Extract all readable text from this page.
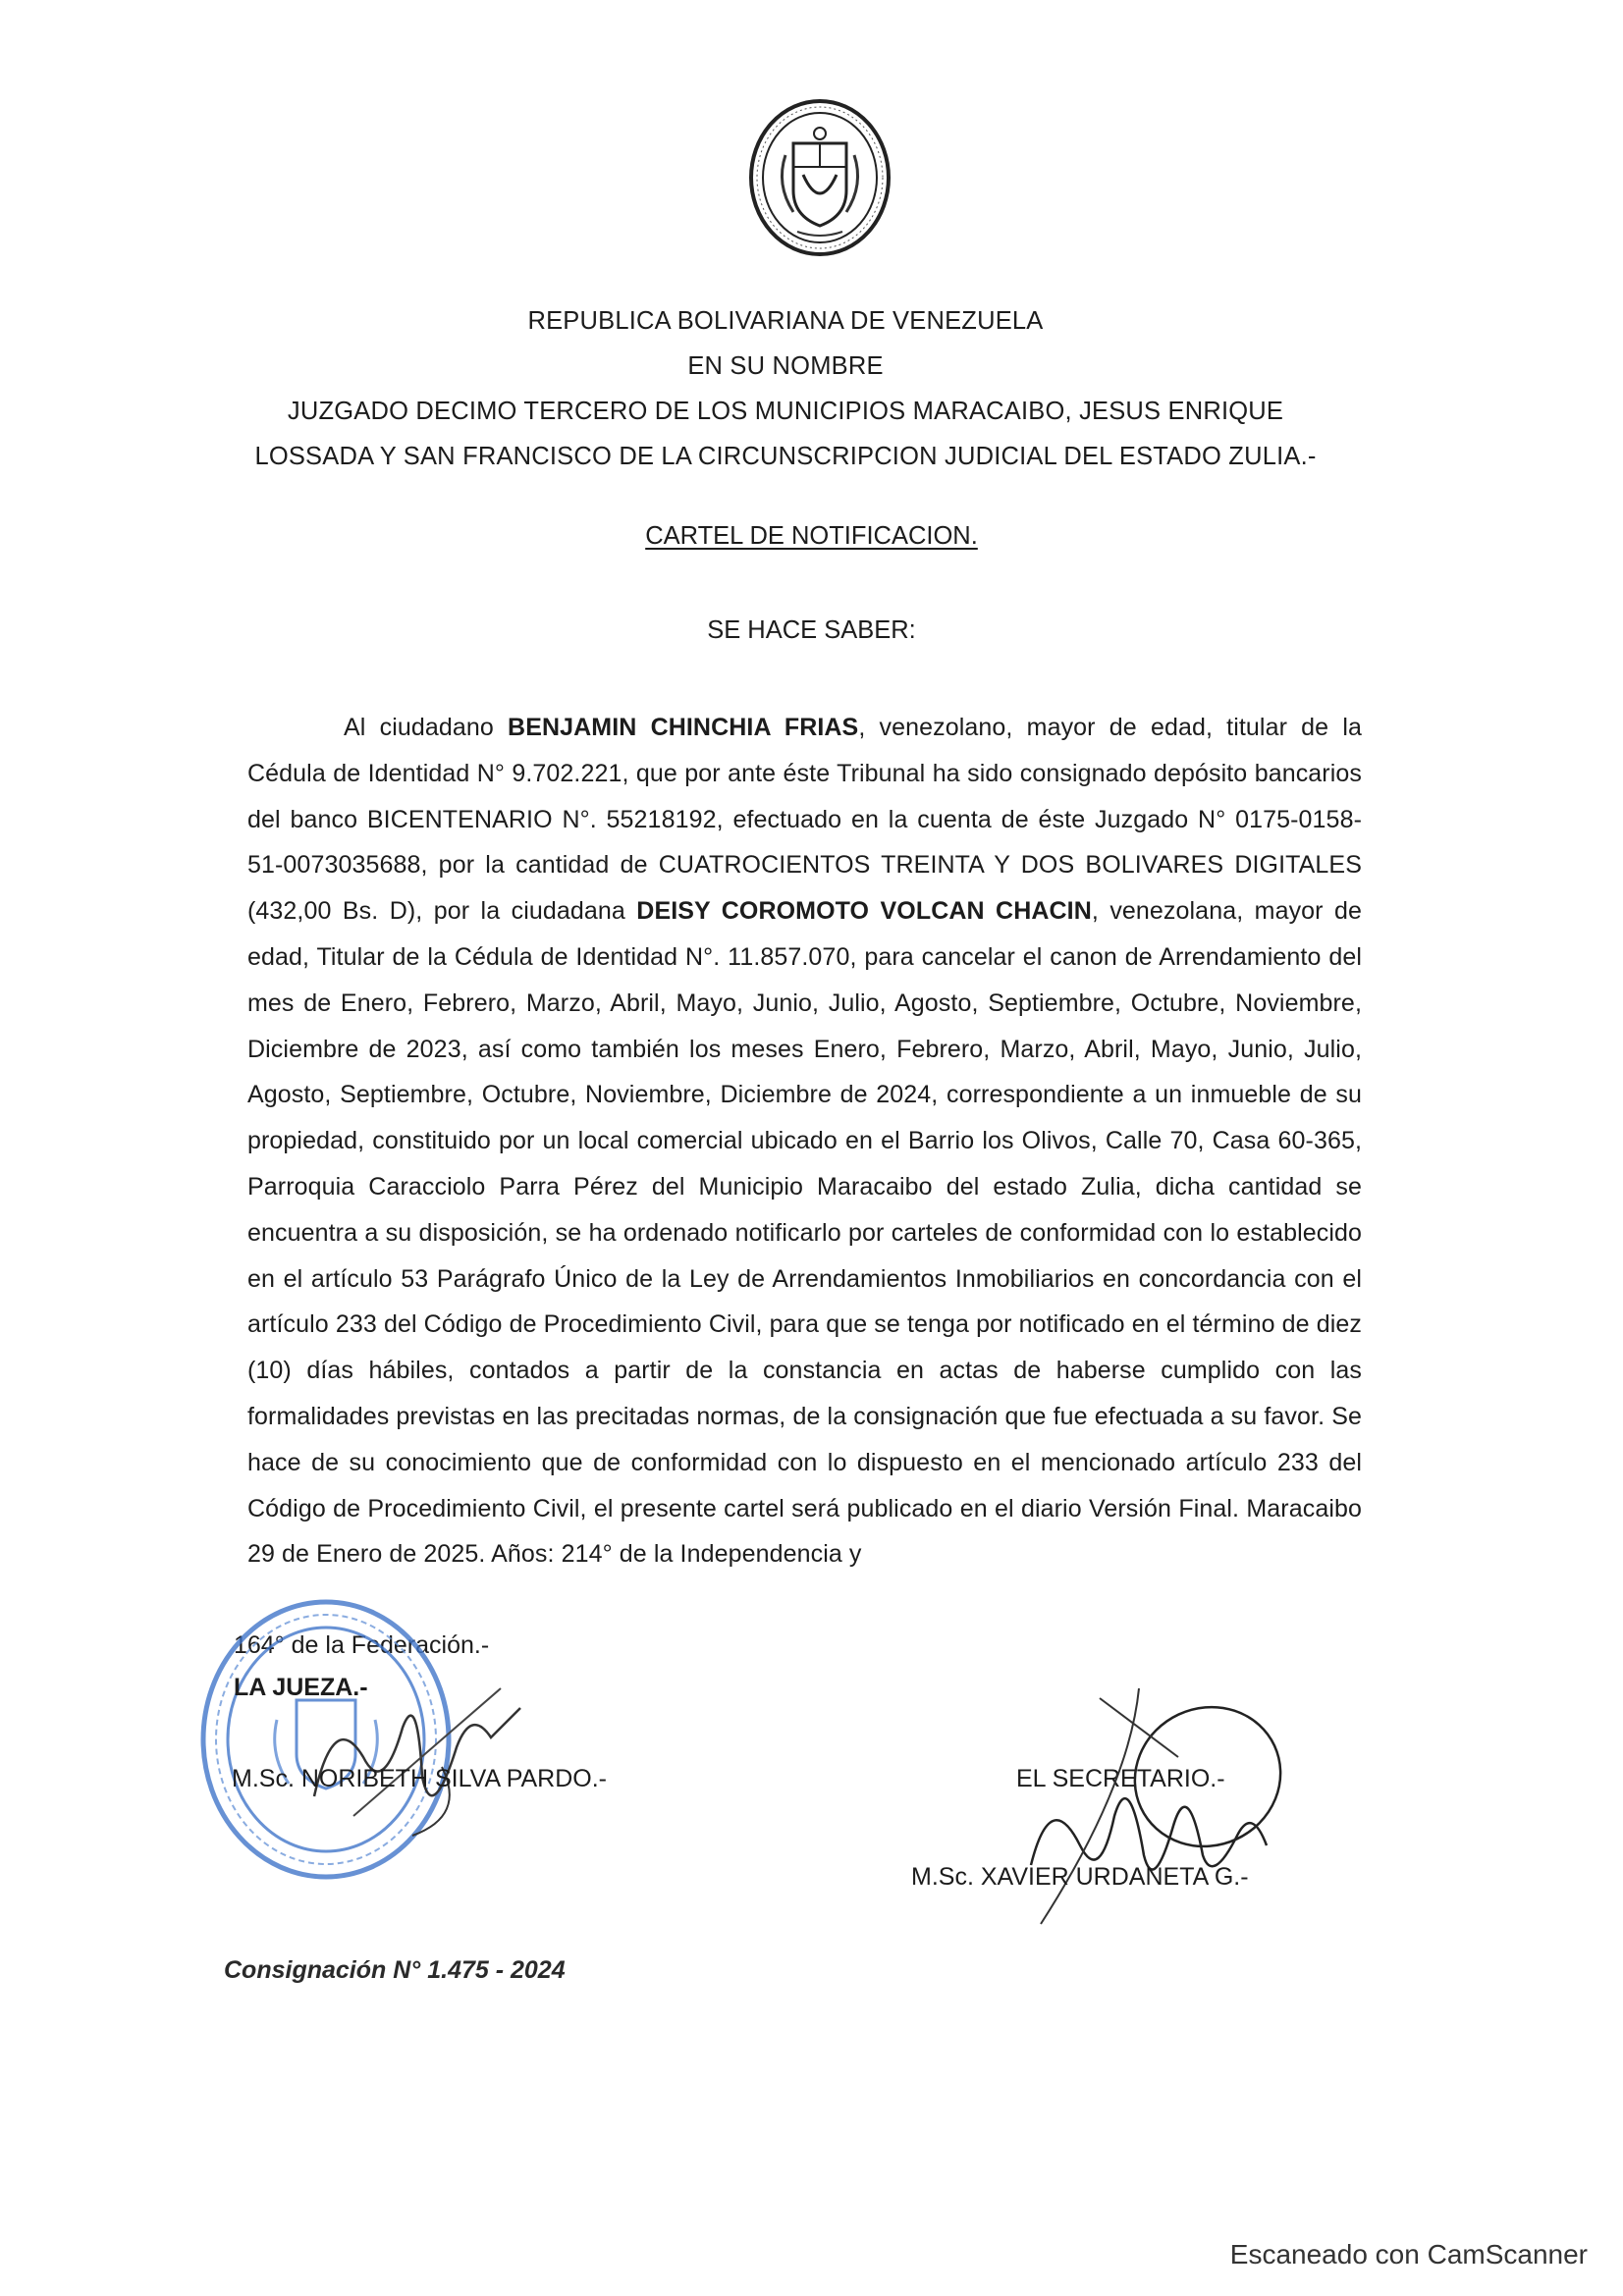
REPUBLICA BOLIVARIANA DE VENEZUELA
EN SU NOMBRE
JUZGADO DECIMO TERCERO DE LOS MUNICIPIOS MARACAIBO, JESUS ENRIQUE
LOSSADA Y SAN FRANCISCO DE LA CIRCUNSCRIPCION JUDICIAL DEL ESTADO ZULIA.-
CARTEL DE NOTIFICACION.
SE HACE SABER:
Al ciudadano BENJAMIN CHINCHIA FRIAS, venezolano, mayor de edad, titular de la Cédula de Identidad N° 9.702.221, que por ante éste Tribunal ha sido consignado depósito bancarios del banco BICENTENARIO N°. 55218192, efectuado en la cuenta de éste Juzgado N° 0175-0158-51-0073035688, por la cantidad de CUATROCIENTOS TREINTA Y DOS BOLIVARES DIGITALES (432,00 Bs. D), por la ciudadana DEISY COROMOTO VOLCAN CHACIN, venezolana, mayor de edad, Titular de la Cédula de Identidad N°. 11.857.070, para cancelar el canon de Arrendamiento del mes de Enero, Febrero, Marzo, Abril, Mayo, Junio, Julio, Agosto, Septiembre, Octubre, Noviembre, Diciembre de 2023, así como también los meses Enero, Febrero, Marzo, Abril, Mayo, Junio, Julio, Agosto, Septiembre, Octubre, Noviembre, Diciembre de 2024, correspondiente a un inmueble de su propiedad, constituido por un local comercial ubicado en el Barrio los Olivos, Calle 70, Casa 60-365, Parroquia Caracciolo Parra Pérez del Municipio Maracaibo del estado Zulia, dicha cantidad se encuentra a su disposición, se ha ordenado notificarlo por carteles de conformidad con lo establecido en el artículo 53 Parágrafo Único de la Ley de Arrendamientos Inmobiliarios en concordancia con el artículo 233 del Código de Procedimiento Civil, para que se tenga por notificado en el término de diez (10) días hábiles, contados a partir de la constancia en actas de haberse cumplido con las formalidades previstas en las precitadas normas, de la consignación que fue efectuada a su favor. Se hace de su conocimiento que de conformidad con lo dispuesto en el mencionado artículo 233 del Código de Procedimiento Civil, el presente cartel será publicado en el diario Versión Final. Maracaibo 29 de Enero de 2025. Años: 214° de la Independencia y
164° de la Federación.-
LA JUEZA.-
M.Sc. NORIBETH SILVA PARDO.-	EL SECRETARIO.-
M.Sc. XAVIER URDANETA G.-
Consignación N° 1.475 - 2024
Escaneado con CamScanner
